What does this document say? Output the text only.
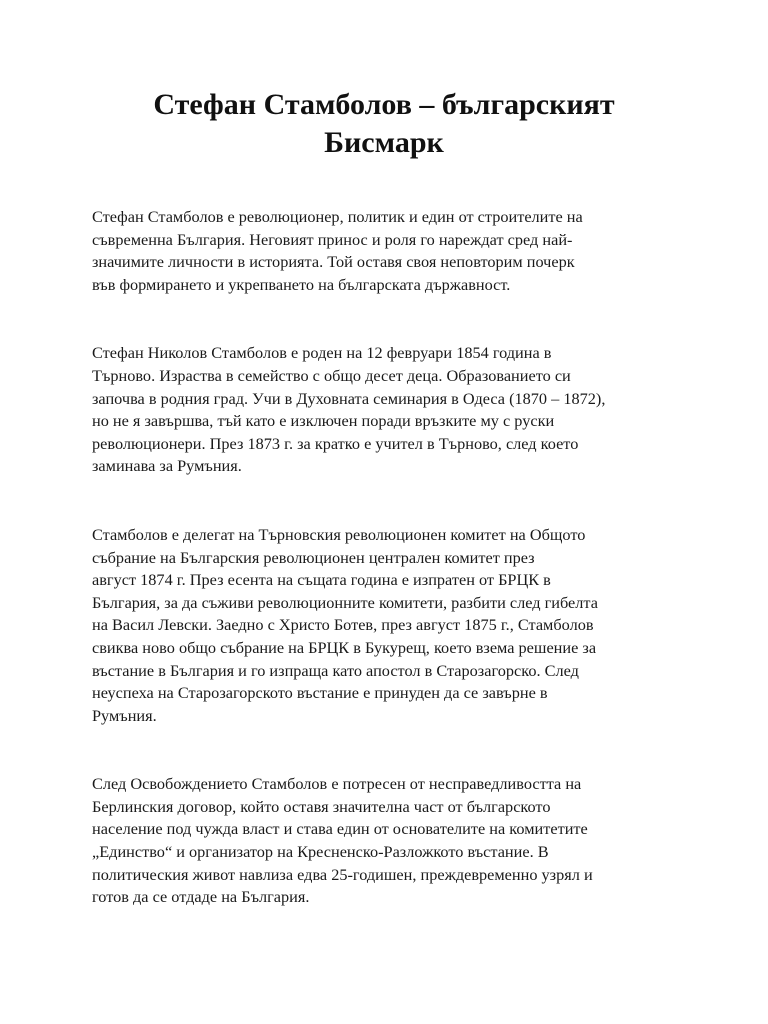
Стефан Стамболов – българският
Бисмарк

Стефан Стамболов е революционер, политик и един от строителите на
съвременна България. Неговият принос и роля го нареждат сред най-
значимите личности в историята. Той оставя своя неповторим почерк
във формирането и укрепването на българската държавност.

Стефан Николов Стамболов е роден на 12 февруари 1854 година в
Търново. Израства в семейство с общо десет деца. Образованието си
започва в родния град. Учи в Духовната семинария в Одеса (1870 – 1872),
но не я завършва, тъй като е изключен поради връзките му с руски
революционери. През 1873 г. за кратко е учител в Търново, след което
заминава за Румъния.

Стамболов е делегат на Търновския революционен комитет на Общото
събрание на Българския революционен централен комитет през
август 1874 г. През есента на същата година е изпратен от БРЦК в
България, за да съживи революционните комитети, разбити след гибелта
на Васил Левски. Заедно с Христо Ботев, през август 1875 г., Стамболов
свиква ново общо събрание на БРЦК в Букурещ, което взема решение за
въстание в България и го изпраща като апостол в Старозагорско. След
неуспеха на Старозагорското въстание е принуден да се завърне в
Румъния.

След Освобождението Стамболов е потресен от несправедливостта на
Берлинския договор, който оставя значителна част от българското
население под чужда власт и става един от основателите на комитетите
„Единство“ и организатор на Кресненско-Разложкото въстание. В
политическия живот навлиза едва 25-годишен, преждевременно узрял и
готов да се отдаде на България.
